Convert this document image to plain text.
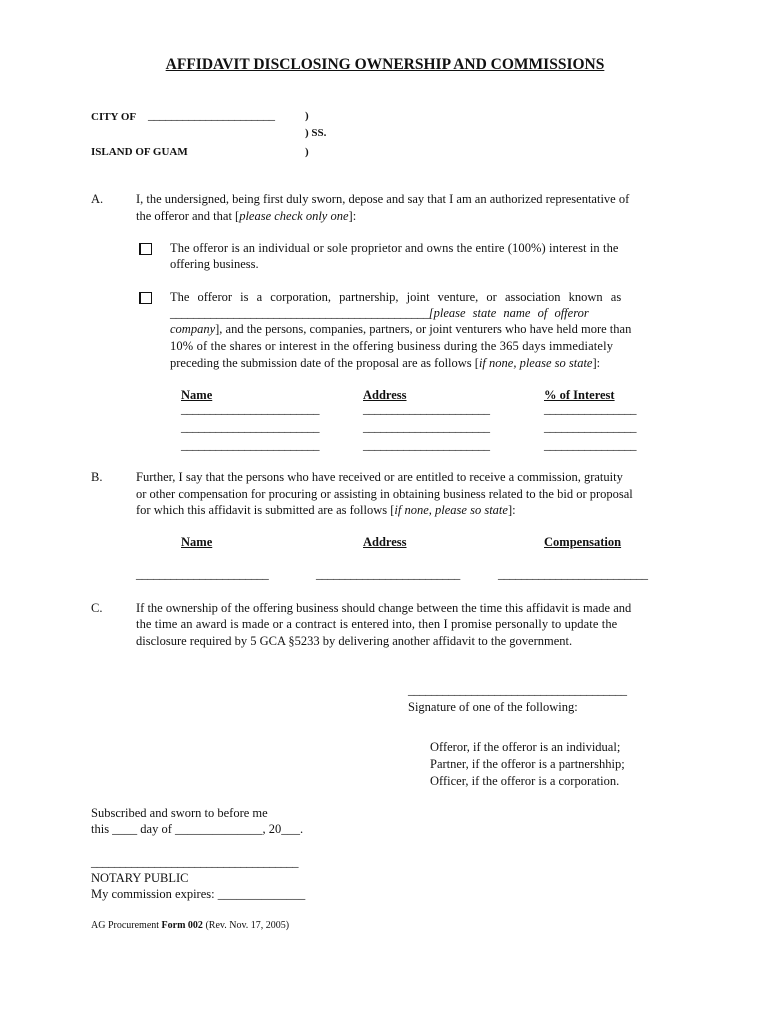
AFFIDAVIT DISCLOSING OWNERSHIP AND COMMISSIONS
CITY OF ______________________	)
) SS.
ISLAND OF GUAM	)
A.	I, the undersigned, being first duly sworn, depose and say that I am an authorized representative of
the offeror and that [please check only one]:
The offeror is an individual or sole proprietor and owns the entire (100%) interest in the
offering business.
The offeror is a corporation, partnership, joint venture, or association known as
_____________________________________________[please state name of offeror
company], and the persons, companies, partners, or joint venturers who have held more than
10% of the shares or interest in the offering business during the 365 days immediately
preceding the submission date of the proposal are as follows [if none, please so state]:
Name	Address	% of Interest
________________________	______________________	________________
________________________	______________________	________________
________________________	______________________	________________
B.	Further, I say that the persons who have received or are entitled to receive a commission, gratuity
or other compensation for procuring or assisting in obtaining business related to the bid or proposal
for which this affidavit is submitted are as follows [if none, please so state]:
Name	Address	Compensation
_______________________	_________________________	__________________________
C.	If the ownership of the offering business should change between the time this affidavit is made and
the time an award is made or a contract is entered into, then I promise personally to update the
disclosure required by 5 GCA §5233 by delivering another affidavit to the government.
______________________________________
Signature of one of the following:
Offeror, if the offeror is an individual;
Partner, if the offeror is a partnershhip;
Officer, if the offeror is a corporation.
Subscribed and sworn to before me
this ____ day of ______________, 20___.
____________________________________
NOTARY PUBLIC
My commission expires: ______________
AG Procurement Form 002 (Rev. Nov. 17, 2005)
